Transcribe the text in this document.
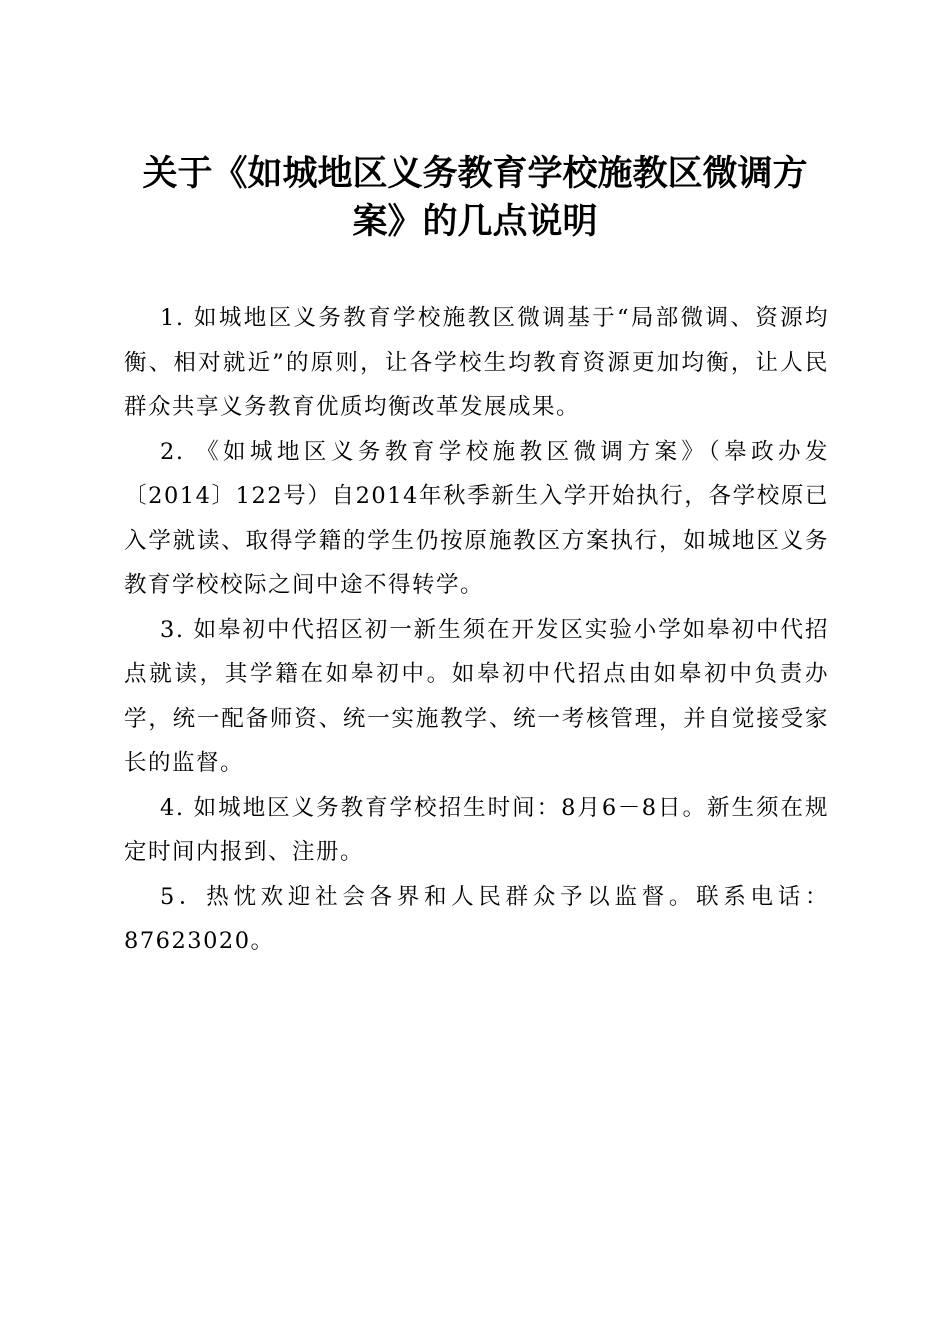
关于《如城地区义务教育学校施教区微调方
案》的几点说明

1. 如城地区义务教育学校施教区微调基于“局部微调、资源均衡、相对就近”的原则，让各学校生均教育资源更加均衡，让人民群众共享义务教育优质均衡改革发展成果。

2. 《如城地区义务教育学校施教区微调方案》（皋政办发〔2014〕122号）自2014年秋季新生入学开始执行，各学校原已入学就读、取得学籍的学生仍按原施教区方案执行，如城地区义务教育学校校际之间中途不得转学。

3. 如皋初中代招区初一新生须在开发区实验小学如皋初中代招点就读，其学籍在如皋初中。如皋初中代招点由如皋初中负责办学，统一配备师资、统一实施教学、统一考核管理，并自觉接受家长的监督。

4. 如城地区义务教育学校招生时间：8月6－8日。新生须在规定时间内报到、注册。

5．热忱欢迎社会各界和人民群众予以监督。联系电话：87623020。
